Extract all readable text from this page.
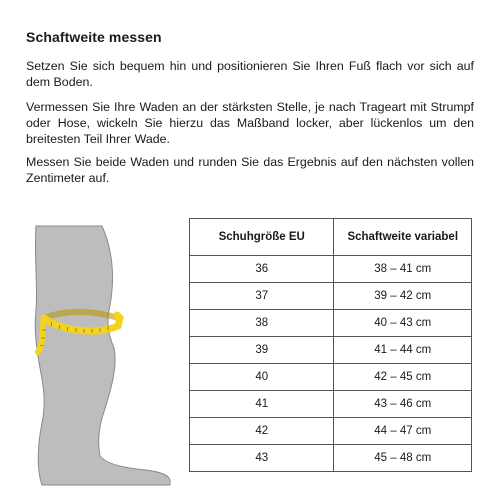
Schaftweite messen
Setzen Sie sich bequem hin und positionieren Sie Ihren Fuß flach vor sich auf dem Boden.
Vermessen Sie Ihre Waden an der stärksten Stelle, je nach Trageart mit Strumpf oder Hose, wickeln Sie hierzu das Maßband locker, aber lückenlos um den breitesten Teil Ihrer Wade.
Messen Sie beide Waden und runden Sie das Ergebnis auf den nächsten vollen Zentimeter auf.
Schuhgröße EU	Schaftweite variabel
36	38 – 41 cm
37	39 – 42 cm
38	40 – 43 cm
39	41 – 44 cm
40	42 – 45 cm
41	43 – 46 cm
42	44 – 47 cm
43	45 – 48 cm
